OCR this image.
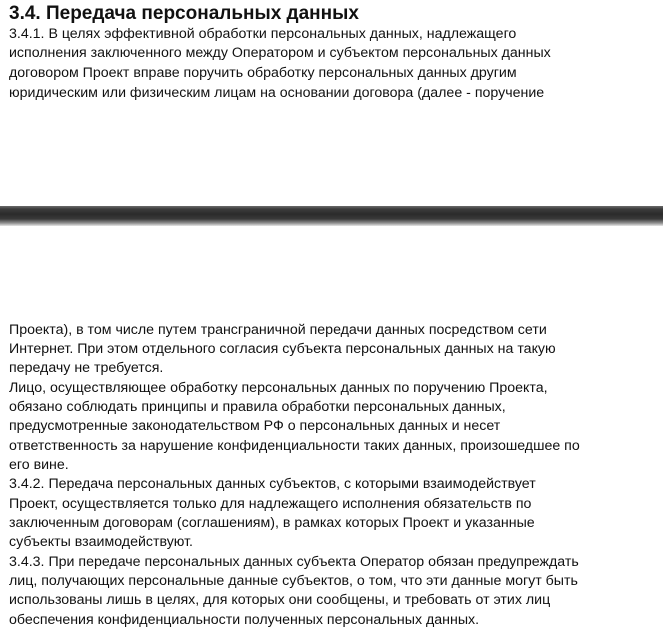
3.4. Передача персональных данных

3.4.1. В целях эффективной обработки персональных данных, надлежащего

исполнения заключенного между Оператором и субъектом персональных данных

договором Проект вправе поручить обработку персональных данных другим

юридическим или физическим лицам на основании договора (далее - поручение

Проекта), в том числе путем трансграничной передачи данных посредством сети

Интернет. При этом отдельного согласия субъекта персональных данных на такую

передачу не требуется.

Лицо, осуществляющее обработку персональных данных по поручению Проекта,

обязано соблюдать принципы и правила обработки персональных данных,

предусмотренные законодательством РФ о персональных данных и несет

ответственность за нарушение конфиденциальности таких данных, произошедшее по

его вине.

3.4.2. Передача персональных данных субъектов, с которыми взаимодействует

Проект, осуществляется только для надлежащего исполнения обязательств по

заключенным договорам (соглашениям), в рамках которых Проект и указанные

субъекты взаимодействуют.

3.4.3. При передаче персональных данных субъекта Оператор обязан предупреждать

лиц, получающих персональные данные субъектов, о том, что эти данные могут быть

использованы лишь в целях, для которых они сообщены, и требовать от этих лиц

обеспечения конфиденциальности полученных персональных данных.
